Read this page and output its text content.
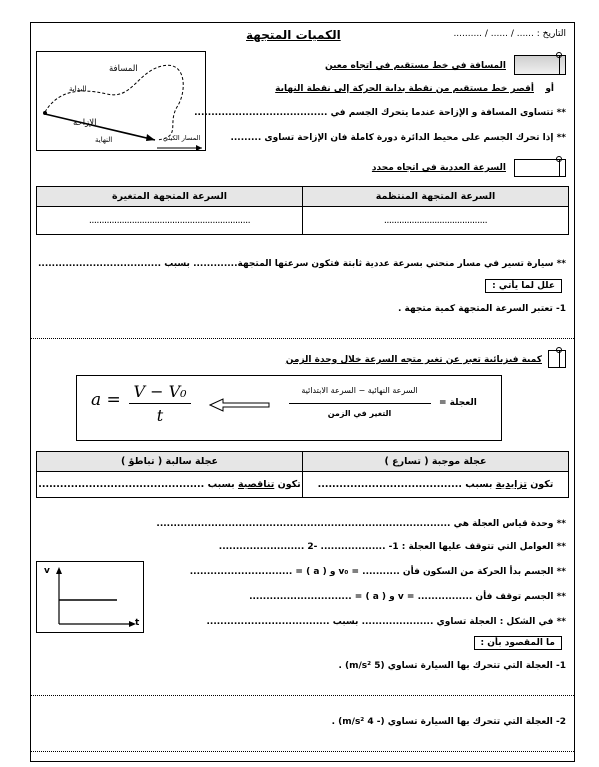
التاريخ : ...... / ...... / ..........
الكميات المتجهة
المسافة في خط مستقيم في اتجاه معين
أو
أقصر خط مستقيم من نقطة بداية الحركة إلى نقطة النهاية
** تتساوى المسافة و الإزاحة عندما يتحرك الجسم في .......................................
** إذا تحرك الجسم على محيط الدائرة دورة كاملة فان الإزاحة تساوى .........
المسافة
البداية
الإزاحة
النهاية	المسار الكيني
السرعة العددية في اتجاه محدد
السرعة المتجهة المنتظمة	السرعة المتجهة المتغيرة
.........................................	................................................................
** سيارة تسير في مسار منحني بسرعة عددية ثابتة فتكون سرعتها المتجهة............. بسبب ....................................
علل لما يأتي :
1- تعتبر السرعة المتجهة كمية متجهة .
كمية فيزيائية تعبر عن تغير متجه السرعة خلال وحدة الزمن
a = V − V₀
t
السرعة النهائية − السرعة الابتدائية
التغير في الزمن
العجلة =
عجلة موجبة ( تسارع )	عجلة سالبة ( تباطؤ )
تكون تزايدية بسبب ........................................	تكون تناقصية بسبب ..............................................
** وحدة قياس العجلة هي ......................................................................................
** العوامل التي تتوقف عليها العجلة : 1- ................... -2 .........................
** الجسم بدأ الحركة من السكون فأن ........... = v₀ و ( a ) = ..............................
** الجسم توقف فأن ................ = v و ( a ) = ..............................
** في الشكل : العجلة تساوي ..................... بسبب ....................................
v
t
ما المقصود بأن :
1- العجلة التي تتحرك بها السيارة تساوي (5 m/s²) .
2- العجلة التي تتحرك بها السيارة تساوي (- 4 m/s²) .
